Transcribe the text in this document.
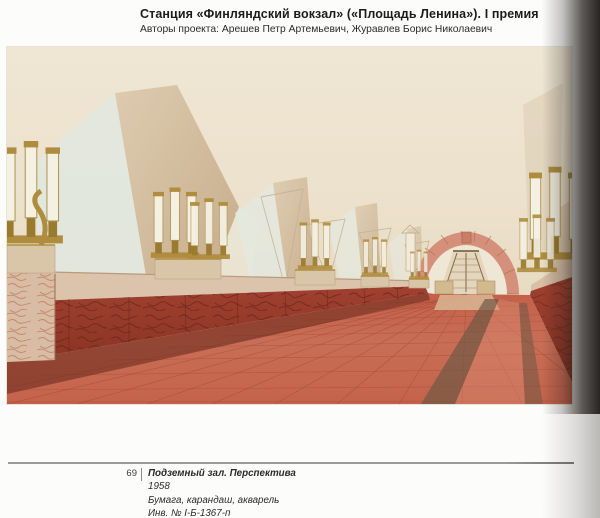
Станция «Финляндский вокзал» («Площадь Ленина»). I премия
Авторы проекта: Арешев Петр Артемьевич, Журавлев Борис Николаевич
69	Подземный зал. Перспектива
1958
Бумага, карандаш, акварель
Инв. № I-Б-1367-п
